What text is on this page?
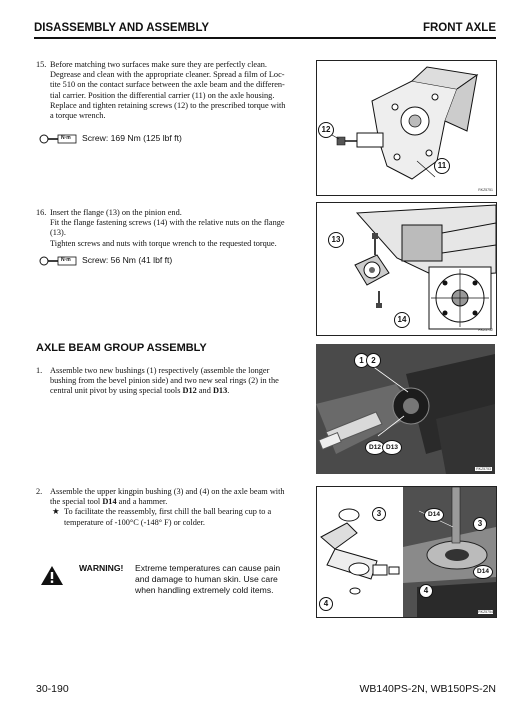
DISASSEMBLY AND ASSEMBLY	FRONT AXLE
15. Before matching two surfaces make sure they are perfectly clean.
Degrease and clean with the appropriate cleaner. Spread a film of Loc-
tite 510 on the contact surface between the axle beam and the differen-
tial carrier. Position the differential carrier (11) on the axle housing.
Replace and tighten retaining screws (12) to the prescribed torque with
a torque wrench.
N·m Screw: 169 Nm (125 lbf ft)
12
11
RKZ5751
16. Insert the flange (13) on the pinion end.
Fit the flange fastening screws (14) with the relative nuts on the flange
(13).
Tighten screws and nuts with torque wrench to the requested torque.
N·m Screw: 56 Nm (41 lbf ft)
13
14
RKZ5752
AXLE BEAM GROUP ASSEMBLY
1. Assemble two new bushings (1) respectively (assemble the longer
bushing from the bevel pinion side) and two new seal rings (2) in the
central unit pivot by using special tools D12 and D13.
1 2
D12 D13
RKZ5753
2. Assemble the upper kingpin bushing (3) and (4) on the axle beam with
the special tool D14 and a hammer.
★ To facilitate the reassembly, first chill the ball bearing cup to a
temperature of -100°C (-148° F) or colder.
WARNING! Extreme temperatures can cause pain
and damage to human skin. Use care
when handling extremely cold items.
3
4
D14
3
D14
4
RKZ5754
30-190	WB140PS-2N, WB150PS-2N
